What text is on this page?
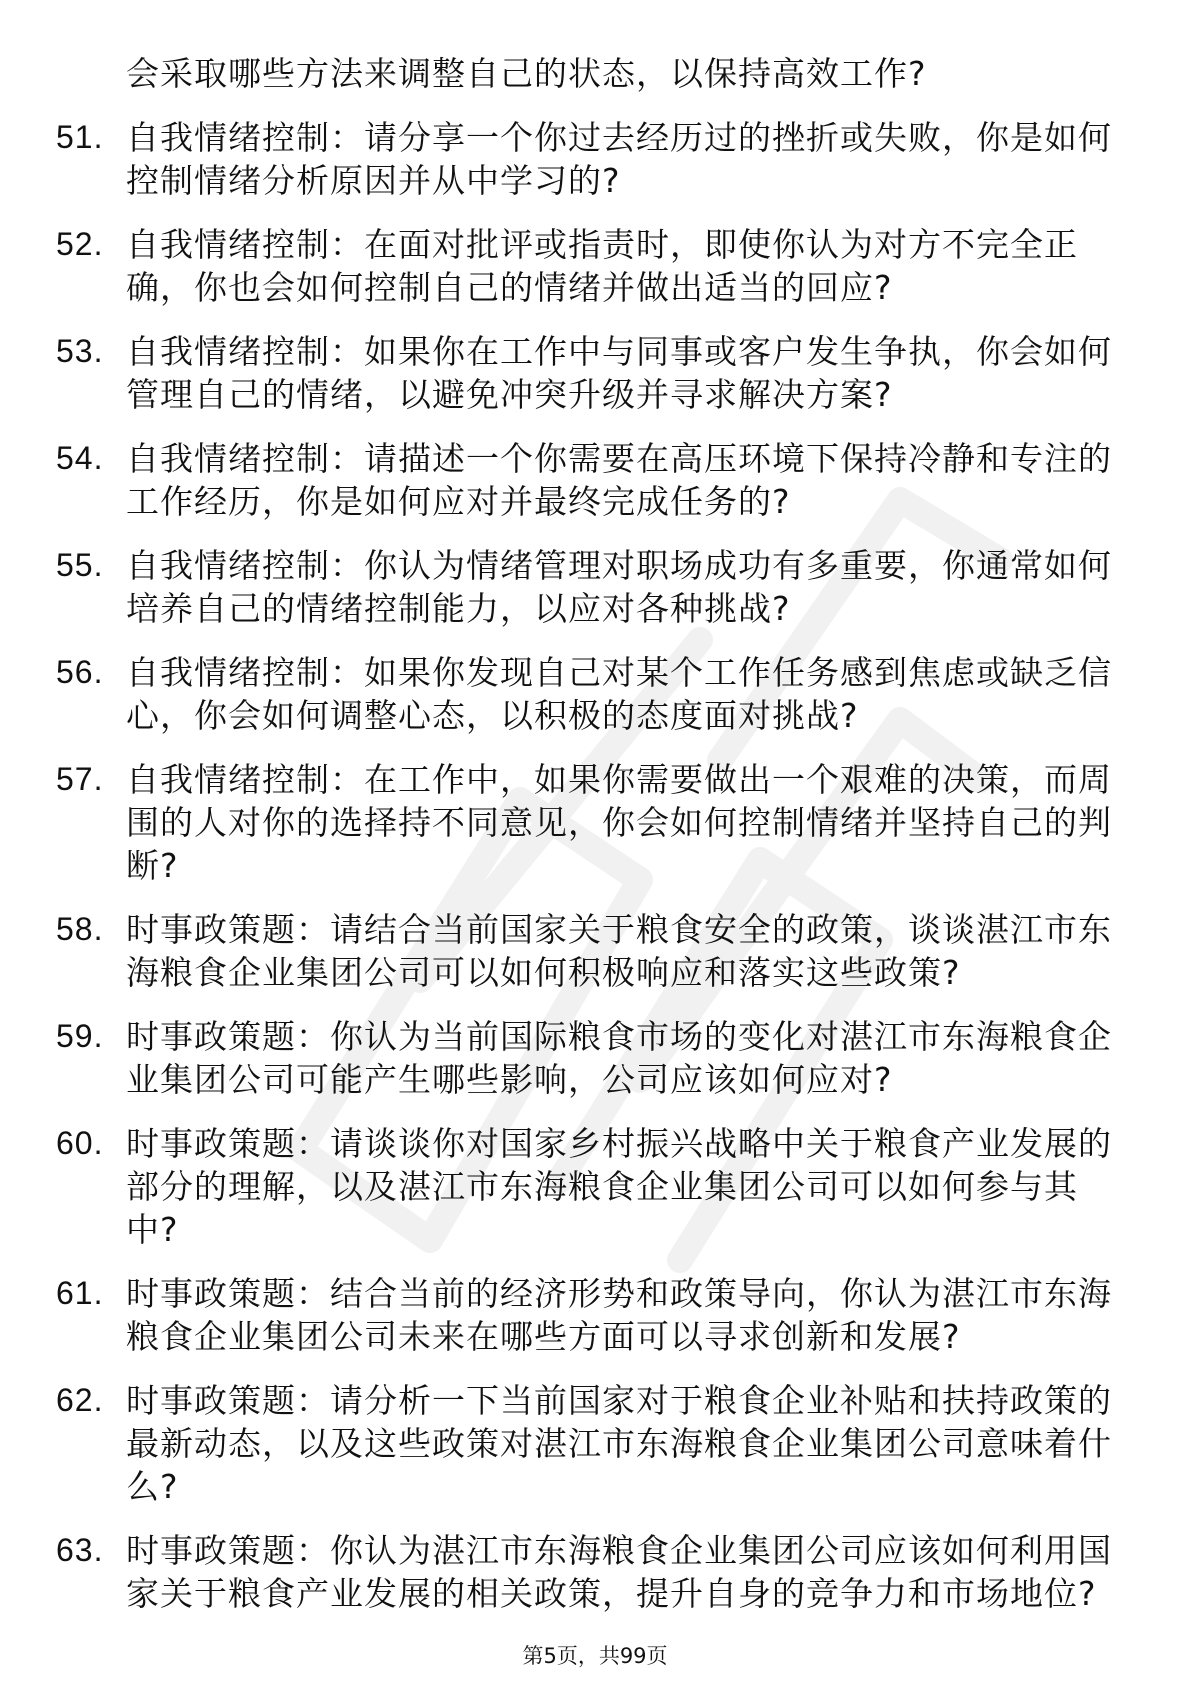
会采取哪些方法来调整自己的状态，以保持高效工作?
51. 自我情绪控制：请分享一个你过去经历过的挫折或失败，你是如何控制情绪分析原因并从中学习的?
52. 自我情绪控制：在面对批评或指责时，即使你认为对方不完全正确，你也会如何控制自己的情绪并做出适当的回应?
53. 自我情绪控制：如果你在工作中与同事或客户发生争执，你会如何管理自己的情绪，以避免冲突升级并寻求解决方案?
54. 自我情绪控制：请描述一个你需要在高压环境下保持冷静和专注的工作经历，你是如何应对并最终完成任务的?
55. 自我情绪控制：你认为情绪管理对职场成功有多重要，你通常如何培养自己的情绪控制能力，以应对各种挑战?
56. 自我情绪控制：如果你发现自己对某个工作任务感到焦虑或缺乏信心，你会如何调整心态，以积极的态度面对挑战?
57. 自我情绪控制：在工作中，如果你需要做出一个艰难的决策，而周围的人对你的选择持不同意见，你会如何控制情绪并坚持自己的判断?
58. 时事政策题：请结合当前国家关于粮食安全的政策，谈谈湛江市东海粮食企业集团公司可以如何积极响应和落实这些政策?
59. 时事政策题：你认为当前国际粮食市场的变化对湛江市东海粮食企业集团公司可能产生哪些影响，公司应该如何应对?
60. 时事政策题：请谈谈你对国家乡村振兴战略中关于粮食产业发展的部分的理解，以及湛江市东海粮食企业集团公司可以如何参与其中?
61. 时事政策题：结合当前的经济形势和政策导向，你认为湛江市东海粮食企业集团公司未来在哪些方面可以寻求创新和发展?
62. 时事政策题：请分析一下当前国家对于粮食企业补贴和扶持政策的最新动态，以及这些政策对湛江市东海粮食企业集团公司意味着什么?
63. 时事政策题：你认为湛江市东海粮食企业集团公司应该如何利用国家关于粮食产业发展的相关政策，提升自身的竞争力和市场地位?
第5页，共99页
